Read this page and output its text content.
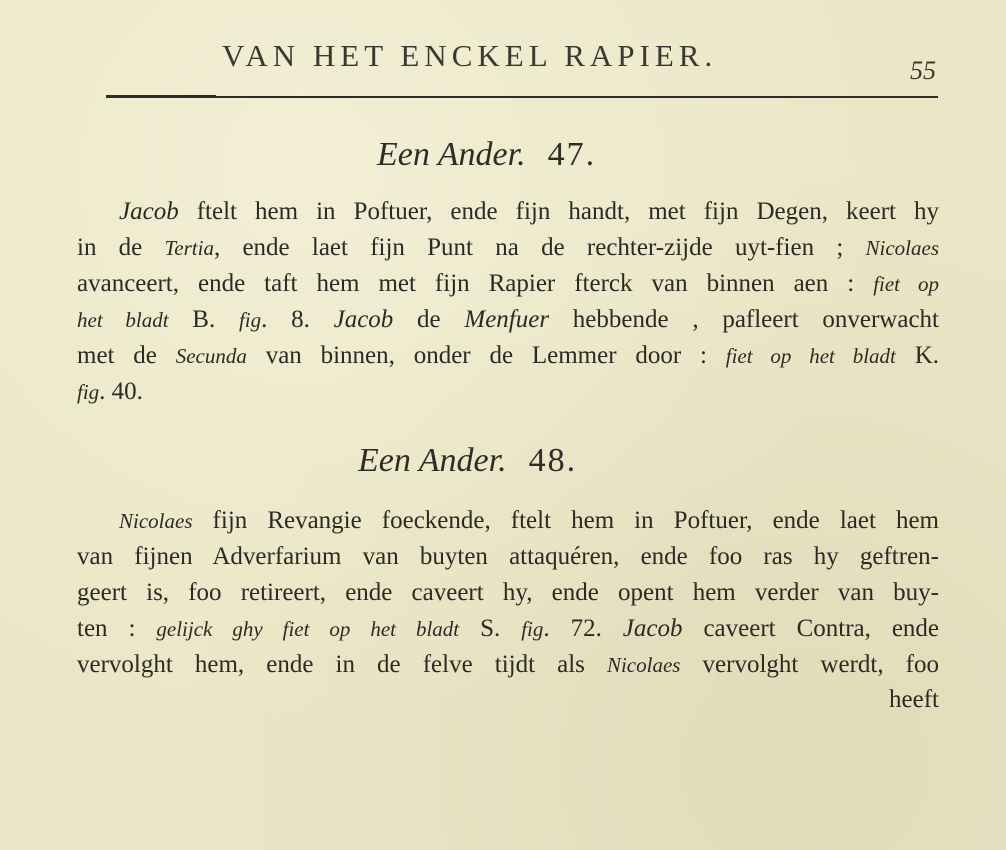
VAN HET ENCKEL RAPIER.	55
Een Ander. 47.
Jacob ftelt hem in Poftuer, ende fijn handt, met fijn Degen, keert hy
in de Tertia, ende laet fijn Punt na de rechter-zijde uyt-fien ; Nicolaes
avanceert, ende taft hem met fijn Rapier fterck van binnen aen : fiet op
het bladt B. fig. 8. Jacob de Menfuer hebbende , pafleert onverwacht
met de Secunda van binnen, onder de Lemmer door : fiet op het bladt K.
fig. 40.
Een Ander. 48.
Nicolaes fijn Revangie foeckende, ftelt hem in Poftuer, ende laet hem
van fijnen Adverfarium van buyten attaquéren, ende foo ras hy geftren-
geert is, foo retireert, ende caveert hy, ende opent hem verder van buy-
ten : gelijck ghy fiet op het bladt S. fig. 72. Jacob caveert Contra, ende
vervolght hem, ende in de felve tijdt als Nicolaes vervolght werdt, foo
heeft
